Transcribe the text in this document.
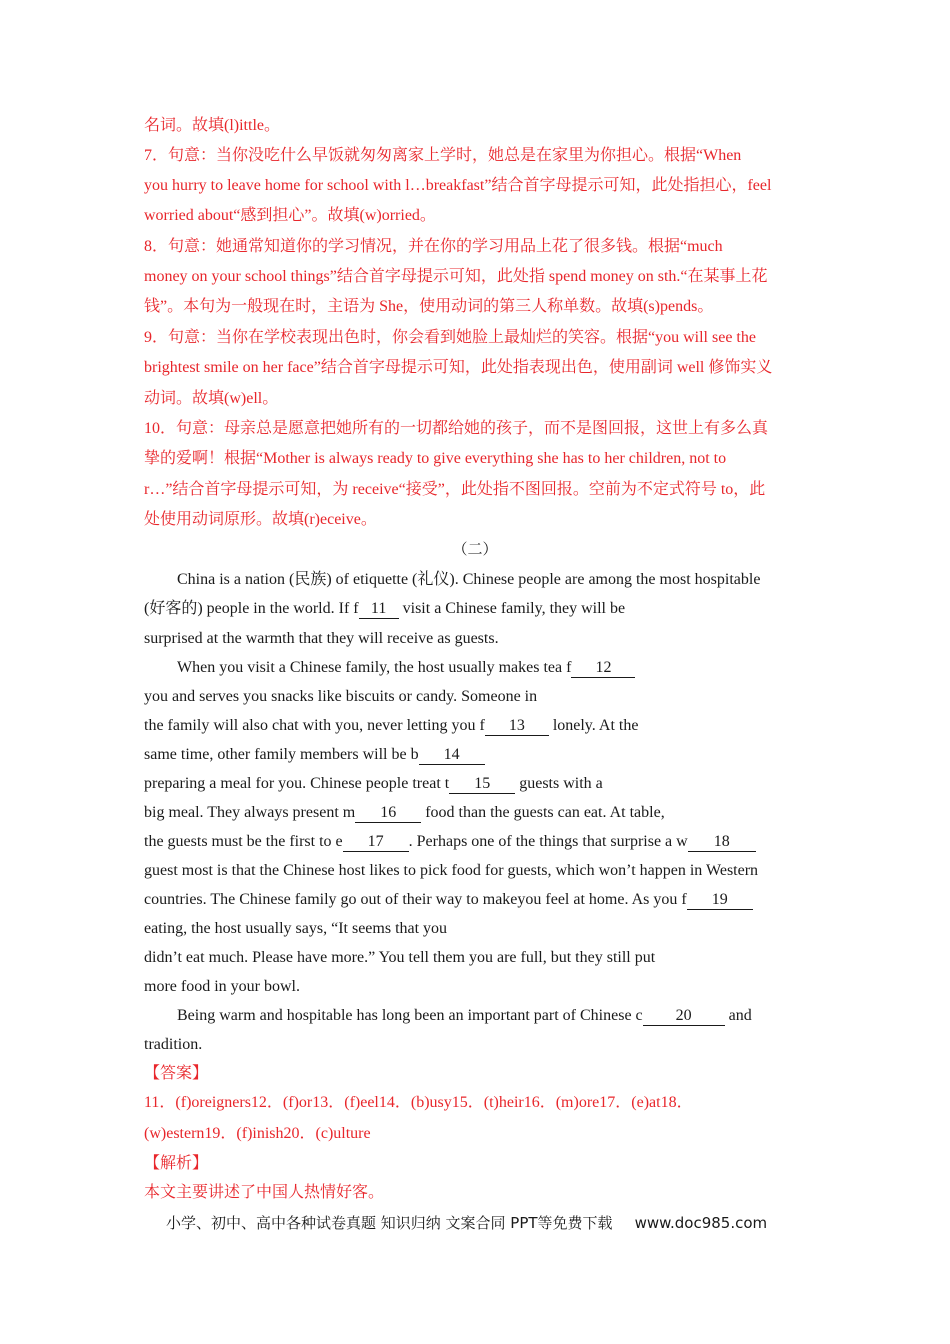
名词。故填(l)ittle。
7．句意：当你没吃什么早饭就匆匆离家上学时，她总是在家里为你担心。根据“When
you hurry to leave home for school with l…breakfast”结合首字母提示可知，此处指担心，feel
worried about“感到担心”。故填(w)orried。
8．句意：她通常知道你的学习情况，并在你的学习用品上花了很多钱。根据“much
money on your school things”结合首字母提示可知，此处指 spend money on sth.“在某事上花
钱”。本句为一般现在时，主语为 She，使用动词的第三人称单数。故填(s)pends。
9．句意：当你在学校表现出色时，你会看到她脸上最灿烂的笑容。根据“you will see the
brightest smile on her face”结合首字母提示可知，此处指表现出色，使用副词 well 修饰实义
动词。故填(w)ell。
10．句意：母亲总是愿意把她所有的一切都给她的孩子，而不是图回报，这世上有多么真
挚的爱啊！根据“Mother is always ready to give everything she has to her children, not to
r…”结合首字母提示可知，为 receive“接受”，此处指不图回报。空前为不定式符号 to，此
处使用动词原形。故填(r)eceive。
（二）
China is a nation (民族) of etiquette (礼仪). Chinese people are among the most hospitable
(好客的) people in the world. If f 11 visit a Chinese family, they will be
surprised at the warmth that they will receive as guests.
When you visit a Chinese family, the host usually makes tea f 12
you and serves you snacks like biscuits or candy. Someone in
the family will also chat with you, never letting you f 13 lonely. At the
same time, other family members will be b 14
preparing a meal for you. Chinese people treat t 15 guests with a
big meal. They always present m 16 food than the guests can eat. At table,
the guests must be the first to e 17 . Perhaps one of the things that surprise a w 18
guest most is that the Chinese host likes to pick food for guests, which won’t happen in Western
countries. The Chinese family go out of their way to makeyou feel at home. As you f 19
eating, the host usually says, “It seems that you
didn’t eat much. Please have more.” You tell them you are full, but they still put
more food in your bowl.
Being warm and hospitable has long been an important part of Chinese c 20 and
tradition.
【答案】
11．(f)oreigners12．(f)or13．(f)eel14．(b)usy15．(t)heir16．(m)ore17．(e)at18．
(w)estern19．(f)inish20．(c)ulture
【解析】
本文主要讲述了中国人热情好客。
小学、初中、高中各种试卷真题 知识归纳 文案合同 PPT等免费下载 www.doc985.com
